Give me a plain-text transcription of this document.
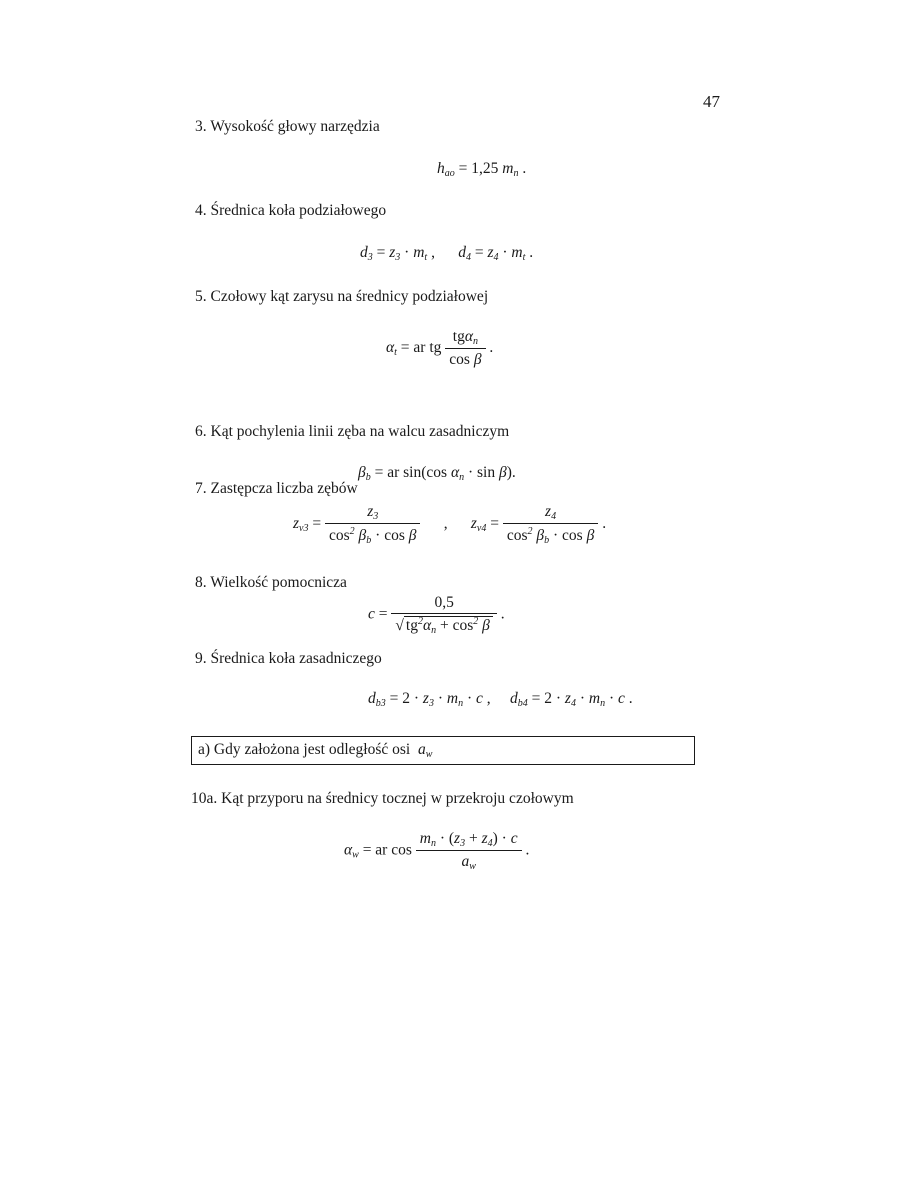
47
3. Wysokość głowy narzędzia
$h_{ao} = 1,25$ $m_n$ .
4. Średnica koła podziałowego
$d_3 = z_3 \cdot m_t$ ,      $d_4 = z_4 \cdot m_t$ .
5. Czołowy kąt zarysu na średnicy podziałowej
$\alpha_t$ = ar tg $\frac{tg\alpha_n}{\text{cos β}}$ .
6. Kąt pochylenia linii zęba na walcu zasadniczym
$\beta_b$ = ar sin(cos $\alpha_n \cdot \sin \beta$).
7. Zastępcza liczba zębów
$z_{v3} = \frac{z_3}{\cos^2 \beta_b \cdot \cos \beta}$ ,      $z_{v4} = \frac{z_4}{\cos^2 \beta_b \cdot \cos \beta}$ .
8. Wielkość pomocnicza
$c = \frac{0,5}{√ tg^2\alpha_n + \cos^2 \beta}$ .
9. Średnica koła zasadniczego
$d_{b3} = 2 \cdot z_3 \cdot m_n \cdot c$ ,     $d_{b4} = 2 \cdot z_4 \cdot m_n \cdot c$ .
a) Gdy założona jest odległość osi $a_w$
10a. Kąt przyporu na średnicy tocznej w przekroju czołowym
$\alpha_w$ = ar $\cos \frac{m_n \cdot (z_3 + z_4) \cdot c}{a_w}$ .
